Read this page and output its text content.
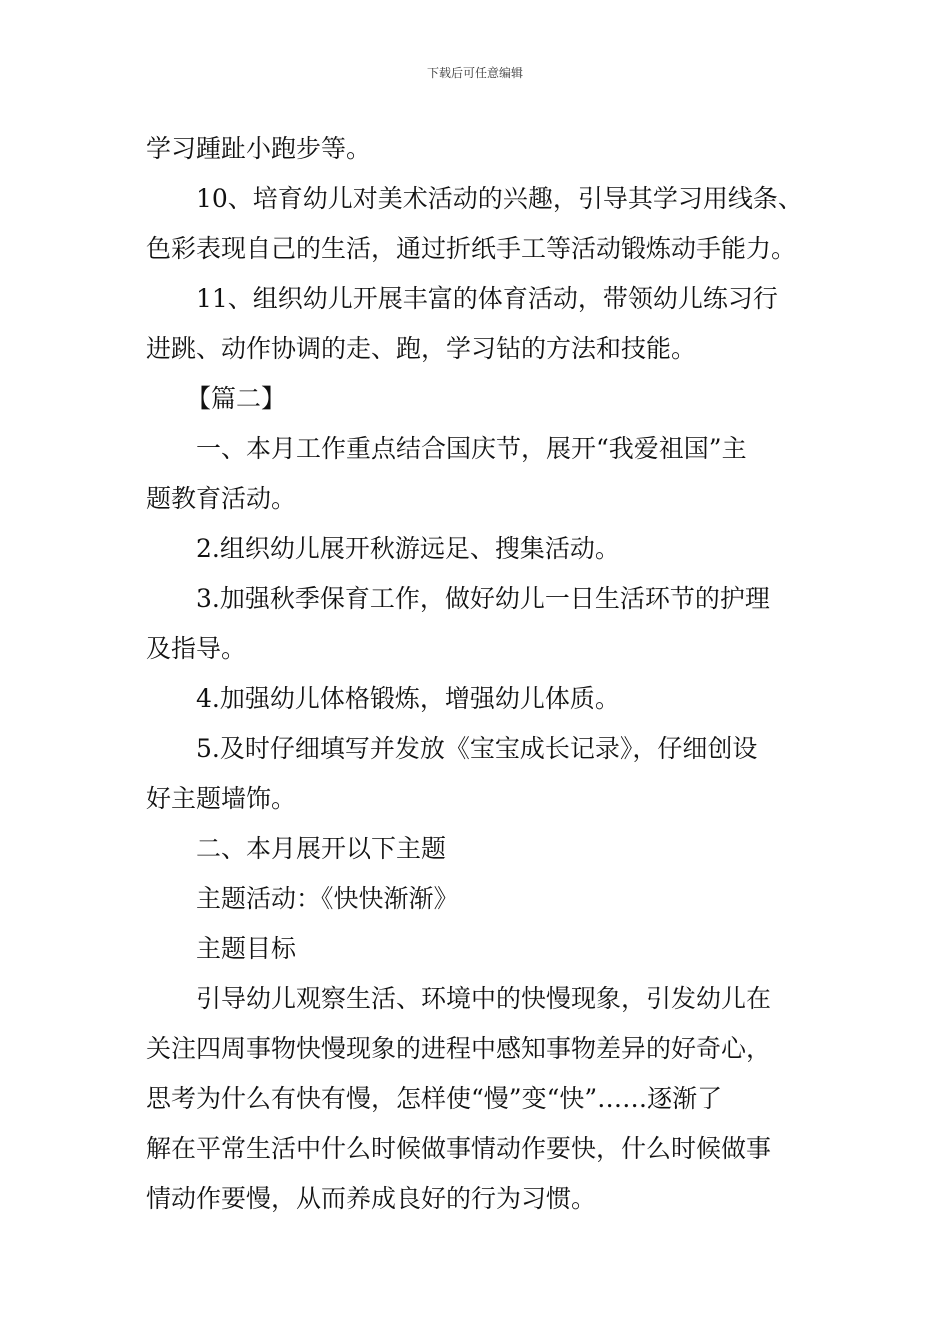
下载后可任意编辑

学习踵趾小跑步等。

10、培育幼儿对美术活动的兴趣，引导其学习用线条、

色彩表现自己的生活，通过折纸手工等活动锻炼动手能力。

11、组织幼儿开展丰富的体育活动，带领幼儿练习行

进跳、动作协调的走、跑，学习钻的方法和技能。

【篇二】

一、本月工作重点结合国庆节，展开“我爱祖国”主

题教育活动。

2.组织幼儿展开秋游远足、搜集活动。

3.加强秋季保育工作，做好幼儿一日生活环节的护理

及指导。

4.加强幼儿体格锻炼，增强幼儿体质。

5.及时仔细填写并发放《宝宝成长记录》，仔细创设

好主题墙饰。

二、本月展开以下主题

主题活动：《快快渐渐》

主题目标

引导幼儿观察生活、环境中的快慢现象，引发幼儿在

关注四周事物快慢现象的进程中感知事物差异的好奇心，

思考为什么有快有慢，怎样使“慢”变“快”……逐渐了

解在平常生活中什么时候做事情动作要快，什么时候做事

情动作要慢，从而养成良好的行为习惯。
